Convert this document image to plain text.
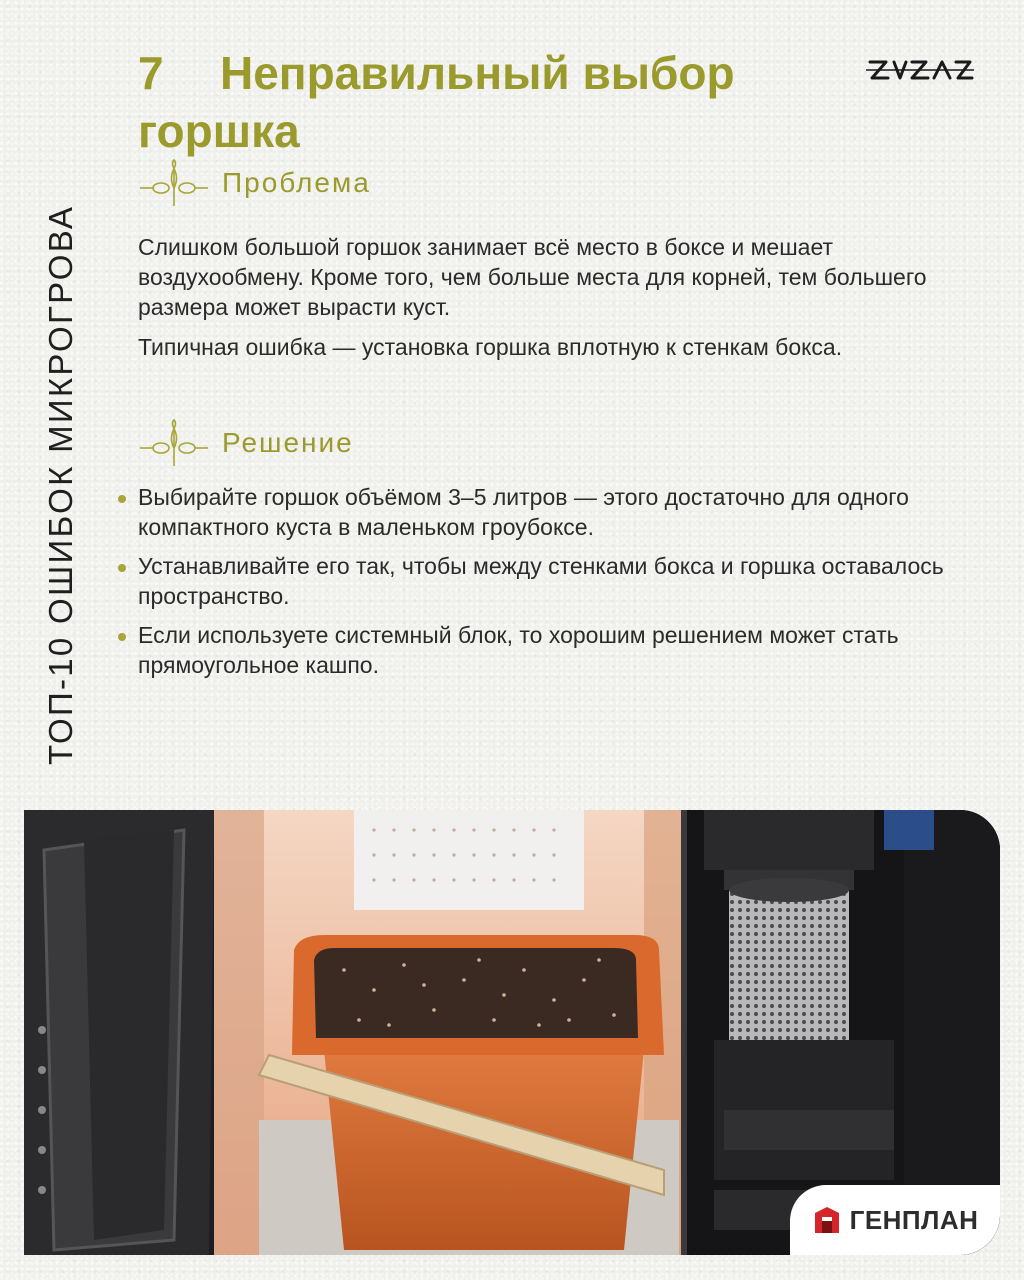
ТОП-10 ОШИБОК МИКРОГРОВА
7 Неправильный выбор горшка
Проблема

Слишком большой горшок занимает всё место в боксе и мешает воздухообмену. Кроме того, чем больше места для корней, тем большего размера может вырасти куст.

Типичная ошибка — установка горшка вплотную к стенкам бокса.

Решение
Выбирайте горшок объёмом 3–5 литров — этого достаточно для одного компактного куста в маленьком гроубоксе.
Устанавливайте его так, чтобы между стенками бокса и горшка оставалось пространство.
Если используете системный блок, то хорошим решением может стать прямоугольное кашпо.
ГЕНПЛАН
